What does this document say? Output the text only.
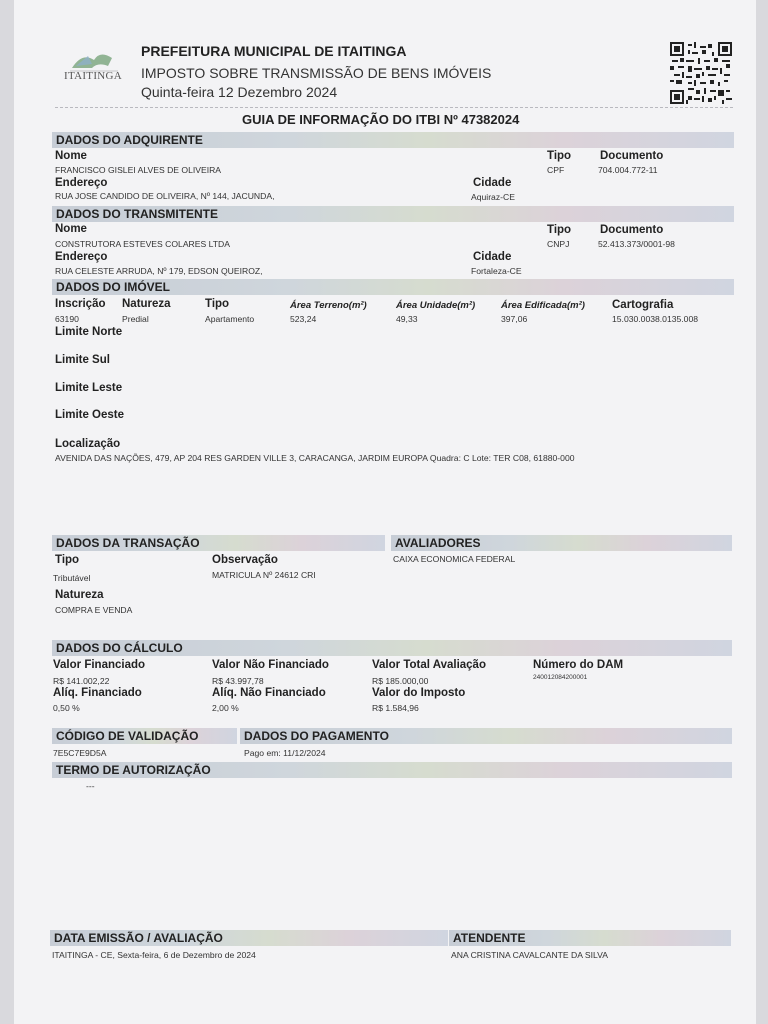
ITAITINGA
PREFEITURA MUNICIPAL DE ITAITINGA
IMPOSTO SOBRE TRANSMISSÃO DE BENS IMÓVEIS
Quinta-feira 12 Dezembro 2024
GUIA DE INFORMAÇÃO DO ITBI Nº 47382024
DADOS DO ADQUIRENTE
Nome
FRANCISCO GISLEI ALVES DE OLIVEIRA
Tipo
CPF
Documento
704.004.772-11
Endereço
RUA JOSE CANDIDO DE OLIVEIRA, Nº 144, JACUNDA,
Cidade
Aquiraz-CE
DADOS DO TRANSMITENTE
Nome
CONSTRUTORA ESTEVES COLARES LTDA
Tipo
CNPJ
Documento
52.413.373/0001-98
Endereço
RUA CELESTE ARRUDA, Nº 179, EDSON QUEIROZ,
Cidade
Fortaleza-CE
DADOS DO IMÓVEL
Inscrição
63190
Natureza
Predial
Tipo
Apartamento
Área Terreno(m²)
523,24
Área Unidade(m²)
49,33
Área Edificada(m²)
397,06
Cartografia
15.030.0038.0135.008
Limite Norte
Limite Sul
Limite Leste
Limite Oeste
Localização
AVENIDA DAS NAÇÕES, 479, AP 204 RES GARDEN VILLE 3, CARACANGA, JARDIM EUROPA Quadra: C Lote: TER C08, 61880-000
DADOS DA TRANSAÇÃO	AVALIADORES
Tipo
Tributável
Observação
MATRICULA Nº 24612 CRI
CAIXA ECONOMICA FEDERAL
Natureza
COMPRA E VENDA
DADOS DO CÁLCULO
Valor Financiado
R$ 141.002,22
Valor Não Financiado
R$ 43.997,78
Valor Total Avaliação
R$ 185.000,00
Número do DAM
240012084200001
Alíq. Financiado
0,50 %
Alíq. Não Financiado
2,00 %
Valor do Imposto
R$ 1.584,96
CÓDIGO DE VALIDAÇÃO	DADOS DO PAGAMENTO
7E5C7E9D5A	Pago em: 11/12/2024
TERMO DE AUTORIZAÇÃO
---
DATA EMISSÃO / AVALIAÇÃO	ATENDENTE
ITAITINGA - CE, Sexta-feira, 6 de Dezembro de 2024	ANA CRISTINA CAVALCANTE DA SILVA
